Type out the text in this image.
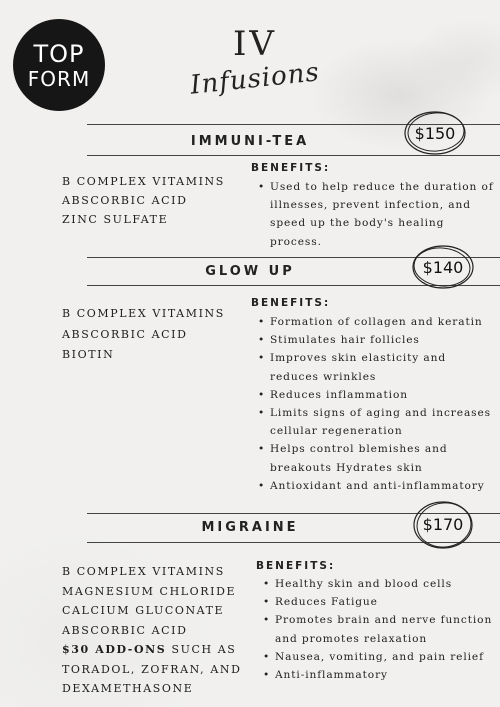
TOP
FORM
IV
Infusions
IMMUNI-TEA	$150
B COMPLEX VITAMINS
ABSCORBIC ACID
ZINC SULFATE
BENEFITS:
• Used to help reduce the duration of
illnesses, prevent infection, and
speed up the body's healing
process.
GLOW UP	$140
B COMPLEX VITAMINS
ABSCORBIC ACID
BIOTIN
BENEFITS:
• Formation of collagen and keratin
• Stimulates hair follicles
• Improves skin elasticity and
reduces wrinkles
• Reduces inflammation
• Limits signs of aging and increases
cellular regeneration
• Helps control blemishes and
breakouts Hydrates skin
• Antioxidant and anti-inflammatory
MIGRAINE	$170
B COMPLEX VITAMINS
MAGNESIUM CHLORIDE
CALCIUM GLUCONATE
ABSCORBIC ACID
$30 ADD-ONS SUCH AS
TORADOL, ZOFRAN, AND
DEXAMETHASONE
BENEFITS:
• Healthy skin and blood cells
• Reduces Fatigue
• Promotes brain and nerve function
and promotes relaxation
• Nausea, vomiting, and pain relief
• Anti-inflammatory
